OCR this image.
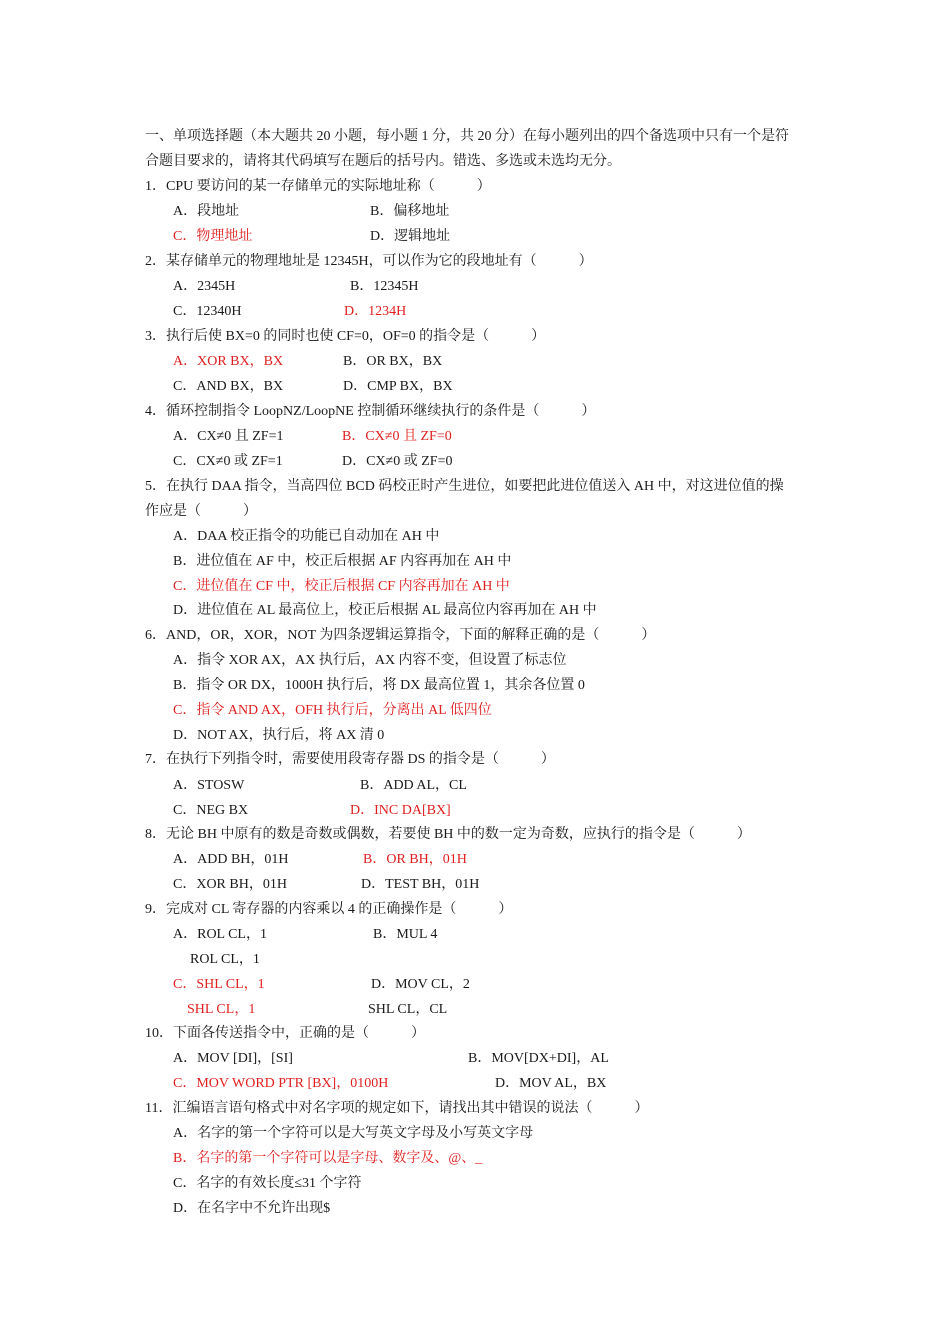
一、单项选择题（本大题共 20 小题，每小题 1 分，共 20 分）在每小题列出的四个备选项中只有一个是符
合题目要求的，请将其代码填写在题后的括号内。错选、多选或未选均无分。
1．CPU 要访问的某一存储单元的实际地址称（　　　）
A．段地址	B．偏移地址
C．物理地址	D．逻辑地址
2．某存储单元的物理地址是 12345H，可以作为它的段地址有（　　　）
A．2345H	B．12345H
C．12340H	D．1234H
3．执行后使 BX=0 的同时也使 CF=0，OF=0 的指令是（　　　）
A．XOR BX，BX	B．OR BX，BX
C．AND BX，BX	D．CMP BX，BX
4．循环控制指令 LoopNZ/LoopNE 控制循环继续执行的条件是（　　　）
A．CX≠0 且 ZF=1	B．CX≠0 且 ZF=0
C．CX≠0 或 ZF=1	D．CX≠0 或 ZF=0
5．在执行 DAA 指令，当高四位 BCD 码校正时产生进位，如要把此进位值送入 AH 中，对这进位值的操
作应是（　　　）
A．DAA 校正指令的功能已自动加在 AH 中
B．进位值在 AF 中，校正后根据 AF 内容再加在 AH 中
C．进位值在 CF 中，校正后根据 CF 内容再加在 AH 中
D．进位值在 AL 最高位上，校正后根据 AL 最高位内容再加在 AH 中
6．AND，OR，XOR，NOT 为四条逻辑运算指令，下面的解释正确的是（　　　）
A．指令 XOR AX，AX 执行后，AX 内容不变，但设置了标志位
B．指令 OR DX，1000H 执行后，将 DX 最高位置 1，其余各位置 0
C．指令 AND AX，OFH 执行后，分离出 AL 低四位
D．NOT AX，执行后，将 AX 清 0
7．在执行下列指令时，需要使用段寄存器 DS 的指令是（　　　）
A．STOSW	B．ADD AL，CL
C．NEG BX	D．INC DA[BX]
8．无论 BH 中原有的数是奇数或偶数，若要使 BH 中的数一定为奇数，应执行的指令是（　　　）
A．ADD BH，01H	B．OR BH，01H
C．XOR BH，01H	D．TEST BH，01H
9．完成对 CL 寄存器的内容乘以 4 的正确操作是（　　　）
A．ROL CL，1	B．MUL 4
ROL CL，1
C．SHL CL，1	D．MOV CL，2
SHL CL，1	SHL CL，CL
10．下面各传送指令中，正确的是（　　　）
A．MOV [DI]，[SI]	B．MOV[DX+DI]，AL
C．MOV WORD PTR [BX]，0100H	D．MOV AL，BX
11．汇编语言语句格式中对名字项的规定如下，请找出其中错误的说法（　　　）
A．名字的第一个字符可以是大写英文字母及小写英文字母
B．名字的第一个字符可以是字母、数字及、@、_
C．名字的有效长度≤31 个字符
D．在名字中不允许出现$
